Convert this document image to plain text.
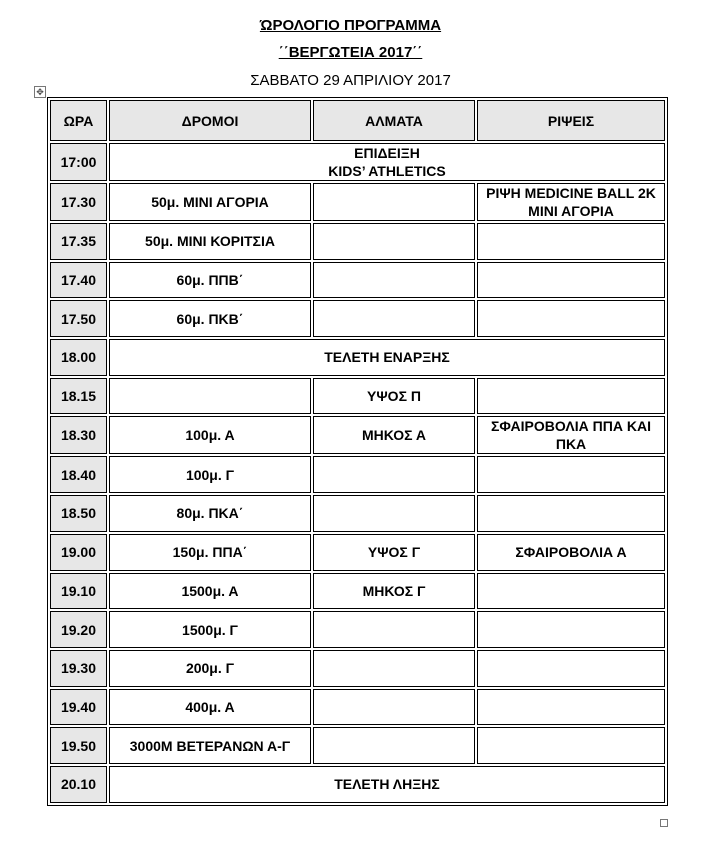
ΏΡΟΛΟΓΙΟ ΠΡΟΓΡΑΜΜΑ
΄΄ΒΕΡΓΩΤΕΙΑ 2017΄΄
ΣΑΒΒΑΤΟ 29 ΑΠΡΙΛΙΟΥ 2017
✥
ΩΡΑ	ΔΡΟΜΟΙ	ΑΛΜΑΤΑ	ΡΙΨΕΙΣ
17:00	ΕΠΙΔΕΙΞΗ
KIDS’ ATHLETICS		
17.30	50μ. ΜΙΝΙ ΑΓΟΡΙΑ		ΡΙΨΗ MEDICINE BALL 2K ΜΙΝΙ ΑΓΟΡΙΑ
17.35	50μ. ΜΙΝΙ ΚΟΡΙΤΣΙΑ		
17.40	60μ. ΠΠΒ΄		
17.50	60μ. ΠΚΒ΄		
18.00	ΤΕΛΕΤΗ ΕΝΑΡΞΗΣ		
18.15		ΥΨΟΣ Π	
18.30	100μ. Α	ΜΗΚΟΣ Α	ΣΦΑΙΡΟΒΟΛΙΑ ΠΠΑ ΚΑΙ ΠΚΑ
18.40	100μ. Γ		
18.50	80μ. ΠΚΑ΄		
19.00	150μ. ΠΠΑ΄	ΥΨΟΣ Γ	ΣΦΑΙΡΟΒΟΛΙΑ Α
19.10	1500μ. Α	ΜΗΚΟΣ Γ	
19.20	1500μ. Γ		
19.30	200μ. Γ		
19.40	400μ. Α		
19.50	3000Μ ΒΕΤΕΡΑΝΩΝ Α-Γ		
20.10	ΤΕΛΕΤΗ ΛΗΞΗΣ		
